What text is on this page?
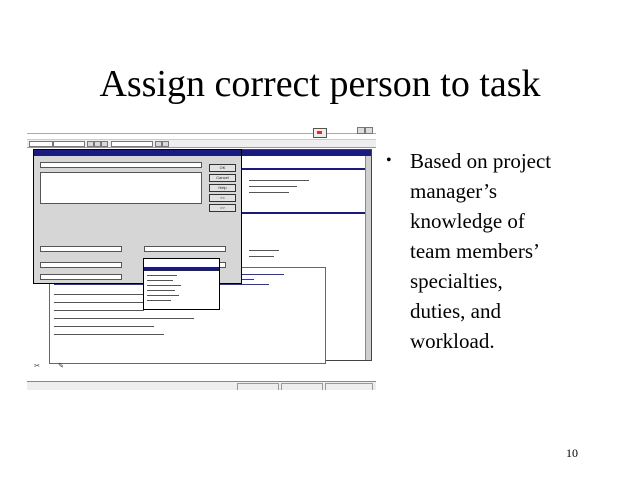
Assign correct person to task
• Based on project
manager’s
knowledge of
team members’
specialties,
duties, and
workload.
10
OK
Cancel
Help
<<
>>
✂	✎
